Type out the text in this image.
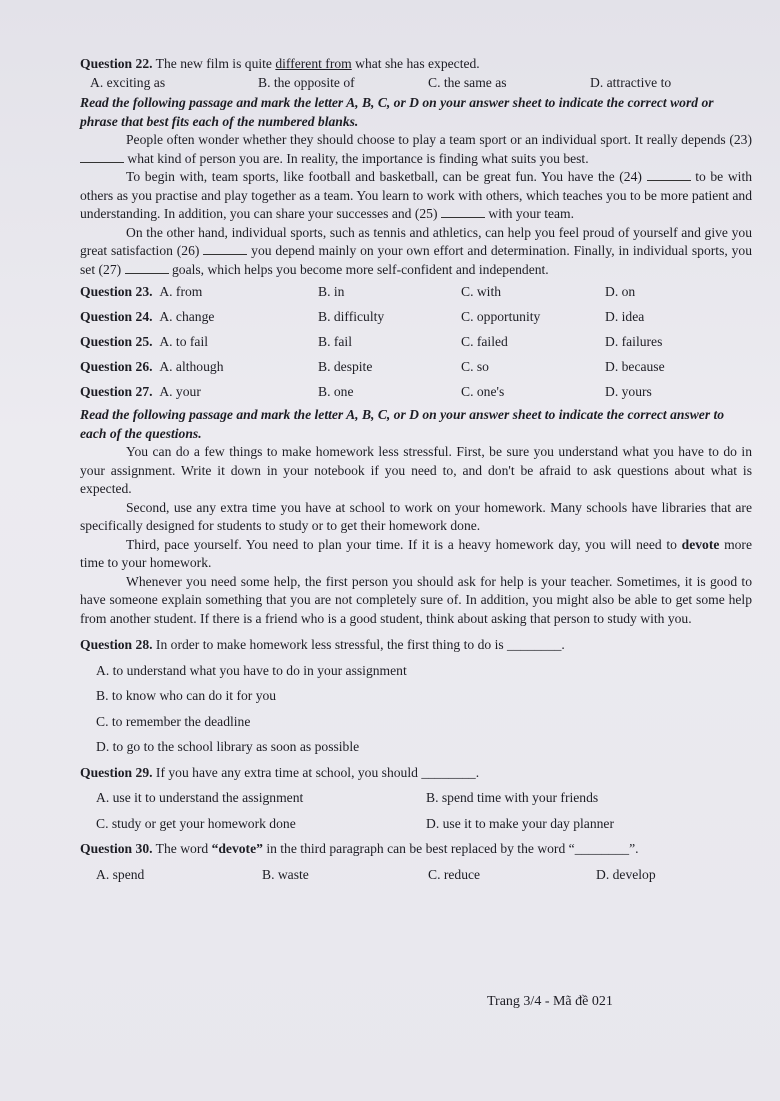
Question 22. The new film is quite different from what she has expected.

A. exciting as	B. the opposite of	C. the same as	D. attractive to

Read the following passage and mark the letter A, B, C, or D on your answer sheet to indicate the correct word or phrase that best fits each of the numbered blanks.

People often wonder whether they should choose to play a team sport or an individual sport. It really depends (23)  what kind of person you are. In reality, the importance is finding what suits you best.

To begin with, team sports, like football and basketball, can be great fun. You have the (24)	to be with others as you practise and play together as a team. You learn to work with others, which teaches you to be more patient and understanding. In addition, you can share your successes and (25)	with your team.

On the other hand, individual sports, such as tennis and athletics, can help you feel proud of yourself and give you great satisfaction (26)	you depend mainly on your own effort and determination. Finally, in individual sports, you set (27)	goals, which helps you become more self-confident and independent.

Question 23. A. from	B. in	C. with	D. on
Question 24. A. change	B. difficulty	C. opportunity	D. idea
Question 25. A. to fail	B. fail	C. failed	D. failures
Question 26. A. although	B. despite	C. so	D. because
Question 27. A. your	B. one	C. one's	D. yours

Read the following passage and mark the letter A, B, C, or D on your answer sheet to indicate the correct answer to each of the questions.

You can do a few things to make homework less stressful. First, be sure you understand what you have to do in your assignment. Write it down in your notebook if you need to, and don't be afraid to ask questions about what is expected.

Second, use any extra time you have at school to work on your homework. Many schools have libraries that are specifically designed for students to study or to get their homework done.

Third, pace yourself. You need to plan your time. If it is a heavy homework day, you will need to devote more time to your homework.

Whenever you need some help, the first person you should ask for help is your teacher. Sometimes, it is good to have someone explain something that you are not completely sure of. In addition, you might also be able to get some help from another student. If there is a friend who is a good student, think about asking that person to study with you.

Question 28. In order to make homework less stressful, the first thing to do is ________.
A. to understand what you have to do in your assignment
B. to know who can do it for you
C. to remember the deadline
D. to go to the school library as soon as possible
Question 29. If you have any extra time at school, you should ________.
A. use it to understand the assignment	B. spend time with your friends
C. study or get your homework done	D. use it to make your day planner
Question 30. The word “devote” in the third paragraph can be best replaced by the word “________”.
A. spend	B. waste	C. reduce	D. develop
Trang 3/4 - Mã đề 021
